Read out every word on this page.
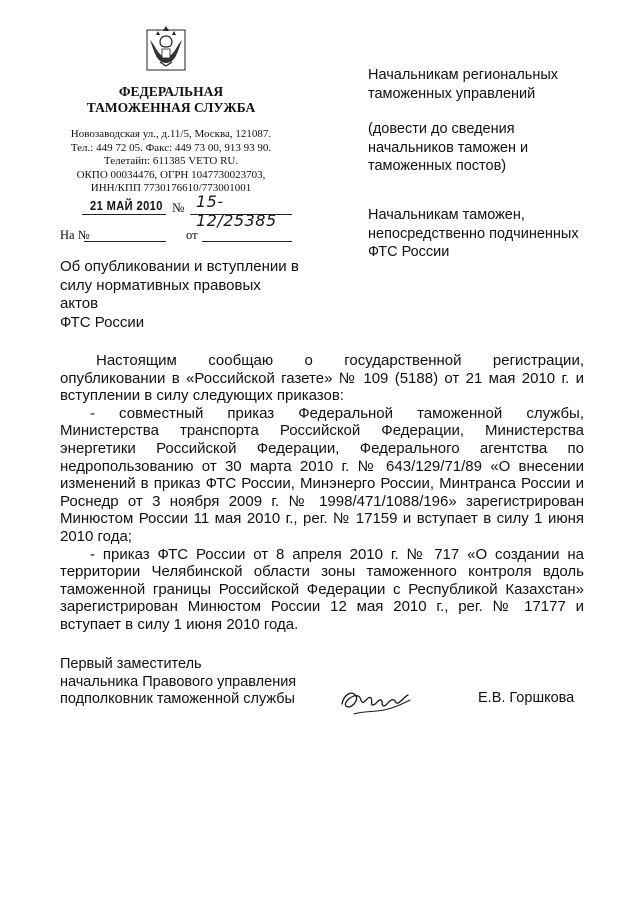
ФЕДЕРАЛЬНАЯ
ТАМОЖЕННАЯ СЛУЖБА
Новозаводская ул., д.11/5, Москва, 121087.
Тел.: 449 72 05. Факс: 449 73 00, 913 93 90.
Телетайп: 611385 VETO RU.
ОКПО 00034476, ОГРН 1047730023703,
ИНН/КПП 7730176610/773001001
21 МАЙ 2010 № 15-12/25385
На №	от
Об опубликовании и вступлении в
силу нормативных правовых актов
ФТС России
Начальникам региональных
таможенных управлений
(довести до сведения
начальников таможен и
таможенных постов)
Начальникам таможен,
непосредственно подчиненных
ФТС России

Настоящим сообщаю о государственной регистрации, опубликовании в «Российской газете» № 109 (5188) от 21 мая 2010 г. и вступлении в силу следующих приказов:

- совместный приказ Федеральной таможенной службы, Министерства транспорта Российской Федерации, Министерства энергетики Российской Федерации, Федерального агентства по недропользованию от 30 марта 2010 г. № 643/129/71/89 «О внесении изменений в приказ ФТС России, Минэнерго России, Минтранса России и Роснедр от 3 ноября 2009 г. № 1998/471/1088/196» зарегистрирован Минюстом России 11 мая 2010 г., рег. № 17159 и вступает в силу 1 июня 2010 года;

- приказ ФТС России от 8 апреля 2010 г. № 717 «О создании на территории Челябинской области зоны таможенного контроля вдоль таможенной границы Российской Федерации с Республикой Казахстан» зарегистрирован Минюстом России 12 мая 2010 г., рег. № 17177 и вступает в силу 1 июня 2010 года.

Первый заместитель
начальника Правового управления
подполковник таможенной службы	Е.В. Горшкова
